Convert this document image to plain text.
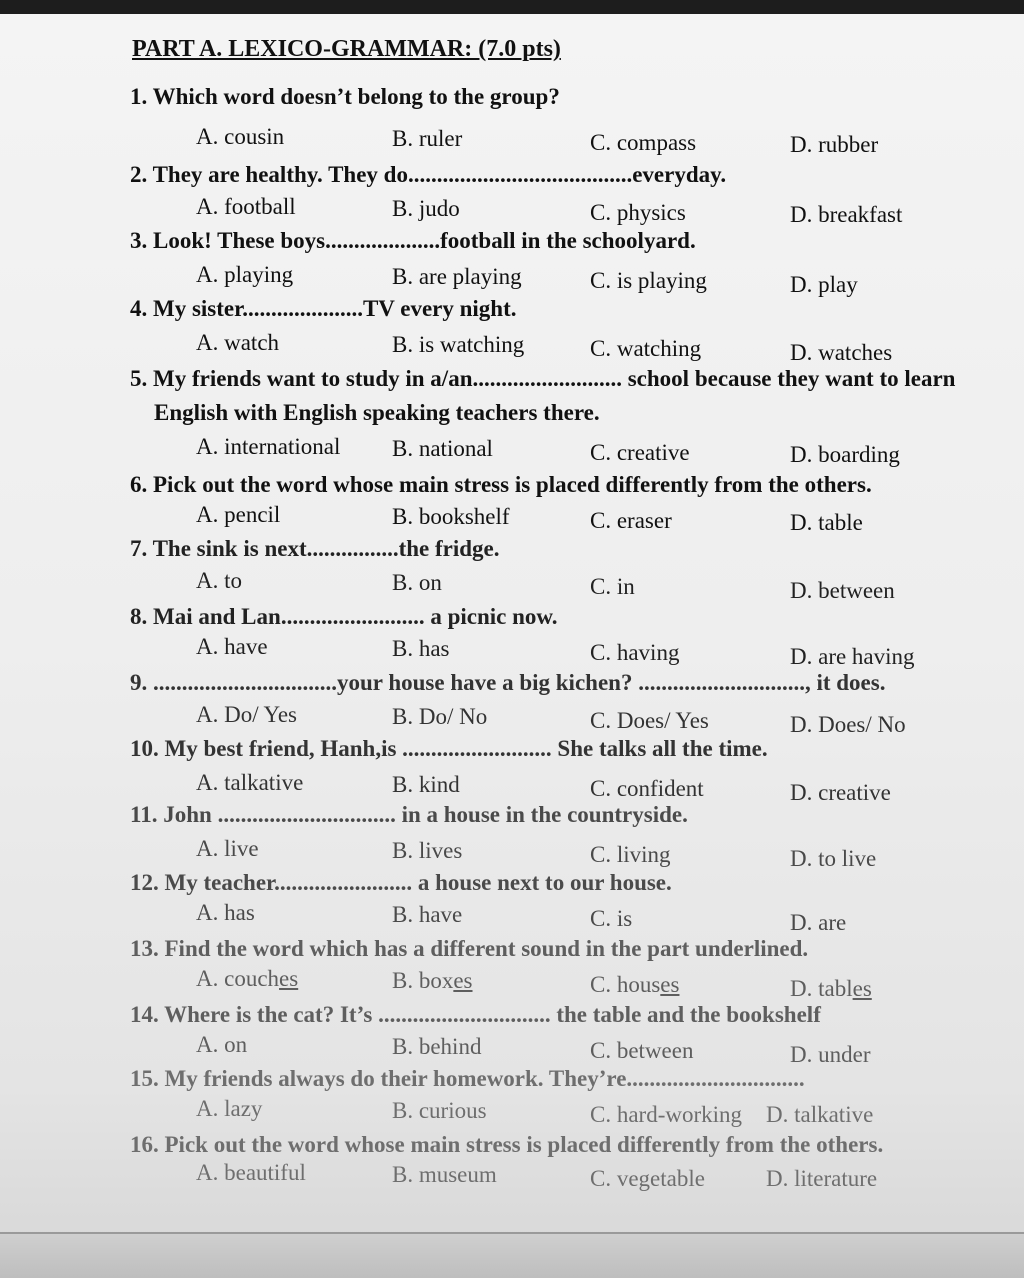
PART A. LEXICO-GRAMMAR: (7.0 pts)
1. Which word doesn’t belong to the group?
A. cousin	B. ruler	C. compass	D. rubber
2. They are healthy. They do.......................................everyday.
A. football	B. judo	C. physics	D. breakfast
3. Look! These boys....................football in the schoolyard.
A. playing	B. are playing	C. is playing	D. play
4. My sister.....................TV every night.
A. watch	B. is watching	C. watching	D. watches
5. My friends want to study in a/an.......................... school because they want to learn
English with English speaking teachers there.
A. international B. national	C. creative	D. boarding
6. Pick out the word whose main stress is placed differently from the others.
A. pencil	B. bookshelf	C. eraser	D. table
7. The sink is next................the fridge.
A. to	B. on	C. in	D. between
8. Mai and Lan......................... a picnic now.
A. have	B. has	C. having	D. are having
9. ................................your house have a big kichen? ............................., it does.
A. Do/ Yes	B. Do/ No	C. Does/ Yes	D. Does/ No
10. My best friend, Hanh,is .......................... She talks all the time.
A. talkative	B. kind	C. confident	D. creative
11. John ............................... in a house in the countryside.
A. live	B. lives	C. living	D. to live
12. My teacher........................ a house next to our house.
A. has	B. have	C. is	D. are
13. Find the word which has a different sound in the part underlined.
A. couches	B. boxes	C. houses	D. tables
14. Where is the cat? It’s .............................. the table and the bookshelf
A. on	B. behind	C. between	D. under
15. My friends always do their homework. They’re...............................
A. lazy	B. curious	C. hard-working D. talkative
16. Pick out the word whose main stress is placed differently from the others.
A. beautiful	B. museum	C. vegetable	D. literature
